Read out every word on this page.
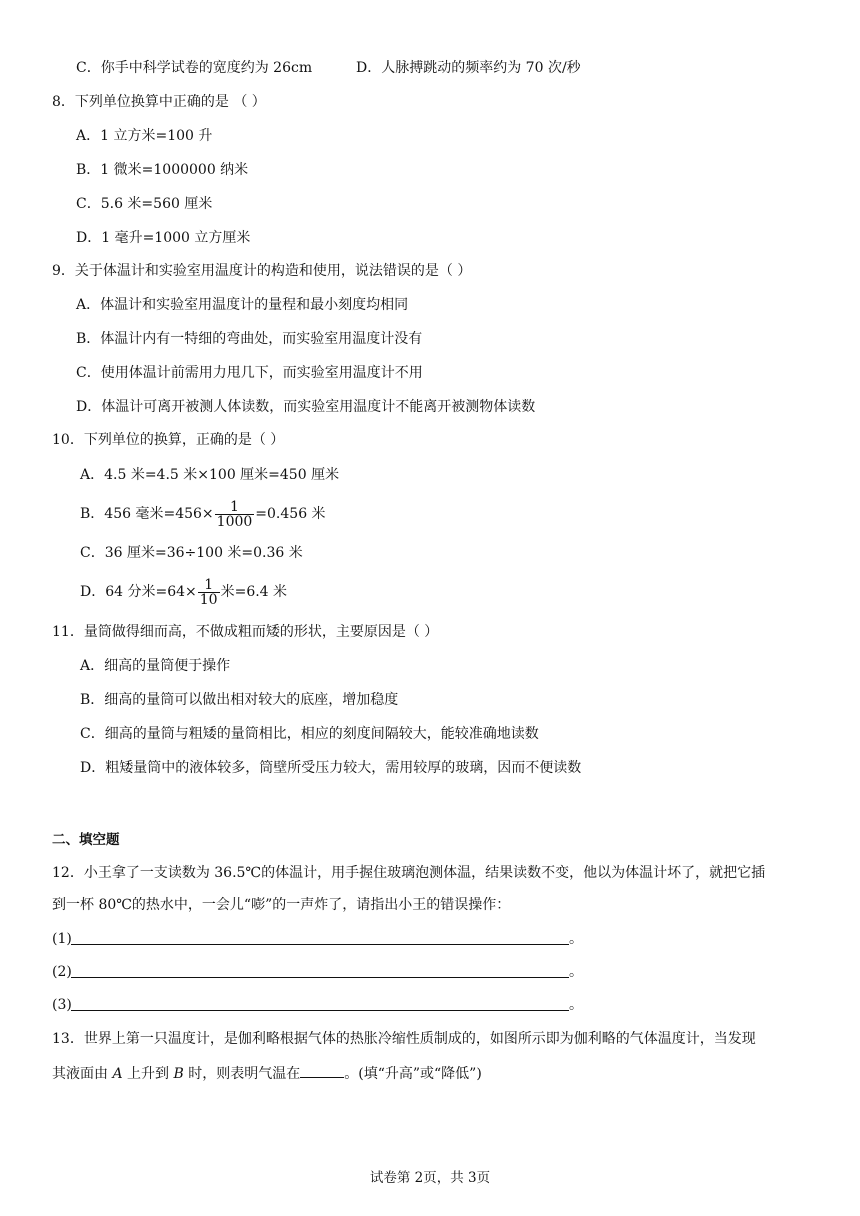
C．你手中科学试卷的宽度约为 26cm	D．人脉搏跳动的频率约为 70 次/秒
8．下列单位换算中正确的是 （ ）
A．1 立方米=100 升
B．1 微米=1000000 纳米
C．5.6 米=560 厘米
D．1 毫升=1000 立方厘米
9．关于体温计和实验室用温度计的构造和使用，说法错误的是（ ）
A．体温计和实验室用温度计的量程和最小刻度均相同
B．体温计内有一特细的弯曲处，而实验室用温度计没有
C．使用体温计前需用力甩几下，而实验室用温度计不用
D．体温计可离开被测人体读数，而实验室用温度计不能离开被测物体读数
10．下列单位的换算，正确的是（ ）
A．4.5 米=4.5 米×100 厘米=450 厘米
B．456 毫米$=456\times \frac{1}{1000} =0.456$ 米
C．36 厘米=36÷100 米=0.36 米
D．64 分米$=64\times \frac{1}{10}$ 米=6.4 米
11．量筒做得细而高，不做成粗而矮的形状，主要原因是（ ）
A．细高的量筒便于操作
B．细高的量筒可以做出相对较大的底座，增加稳度
C．细高的量筒与粗矮的量筒相比，相应的刻度间隔较大，能较准确地读数
D．粗矮量筒中的液体较多，筒壁所受压力较大，需用较厚的玻璃，因而不便读数
二、填空题
12．小王拿了一支读数为 36.5℃的体温计，用手握住玻璃泡测体温，结果读数不变，他以为体温计坏了，就把它插
到一杯 80℃的热水中，一会儿“嘭”的一声炸了，请指出小王的错误操作：
(1)	。
(2)	。
(3)	。
13．世界上第一只温度计，是伽利略根据气体的热胀冷缩性质制成的，如图所示即为伽利略的气体温度计，当发现
其液面由 A 上升到 B 时，则表明气温在	。(填“升高”或“降低”)
试卷第 2页，共 3页
